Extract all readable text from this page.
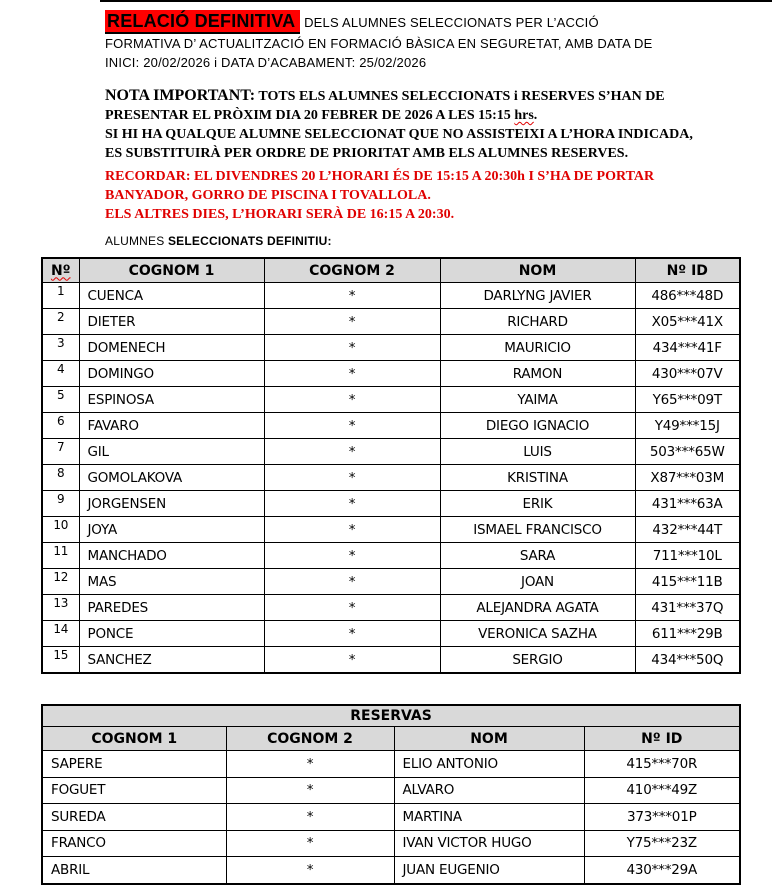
RELACIÓ DEFINITIVA DELS ALUMNES SELECCIONATS PER L’ACCIÓ
FORMATIVA D’ ACTUALITZACIÓ EN FORMACIÓ BÀSICA EN SEGURETAT, AMB DATA DE
INICI: 20/02/2026 i DATA D’ACABAMENT: 25/02/2026
NOTA IMPORTANT: TOTS ELS ALUMNES SELECCIONATS i RESERVES S’HAN DE
PRESENTAR EL PRÒXIM DIA 20 FEBRER DE 2026 A LES 15:15 hrs.
SI HI HA QUALQUE ALUMNE SELECCIONAT QUE NO ASSISTEIXI A L’HORA INDICADA,
ES SUBSTITUIRÀ PER ORDRE DE PRIORITAT AMB ELS ALUMNES RESERVES.
RECORDAR: EL DIVENDRES 20 L’HORARI ÉS DE 15:15 A 20:30h I S’HA DE PORTAR
BANYADOR, GORRO DE PISCINA I TOVALLOLA.
ELS ALTRES DIES, L’HORARI SERÀ DE 16:15 A 20:30.
ALUMNES SELECCIONATS DEFINITIU:
Nº	COGNOM 1	COGNOM 2	NOM	Nº ID
1	CUENCA	*	DARLYNG JAVIER	486***48D
2	DIETER	*	RICHARD	X05***41X
3	DOMENECH	*	MAURICIO	434***41F
4	DOMINGO	*	RAMON	430***07V
5	ESPINOSA	*	YAIMA	Y65***09T
6	FAVARO	*	DIEGO IGNACIO	Y49***15J
7	GIL	*	LUIS	503***65W
8	GOMOLAKOVA	*	KRISTINA	X87***03M
9	JORGENSEN	*	ERIK	431***63A
10	JOYA	*	ISMAEL FRANCISCO	432***44T
11	MANCHADO	*	SARA	711***10L
12	MAS	*	JOAN	415***11B
13	PAREDES	*	ALEJANDRA AGATA	431***37Q
14	PONCE	*	VERONICA SAZHA	611***29B
15	SANCHEZ	*	SERGIO	434***50Q
RESERVAS			
COGNOM 1	COGNOM 2	NOM	Nº ID
SAPERE	*	ELIO ANTONIO	415***70R
FOGUET	*	ALVARO	410***49Z
SUREDA	*	MARTINA	373***01P
FRANCO	*	IVAN VICTOR HUGO	Y75***23Z
ABRIL	*	JUAN EUGENIO	430***29A
